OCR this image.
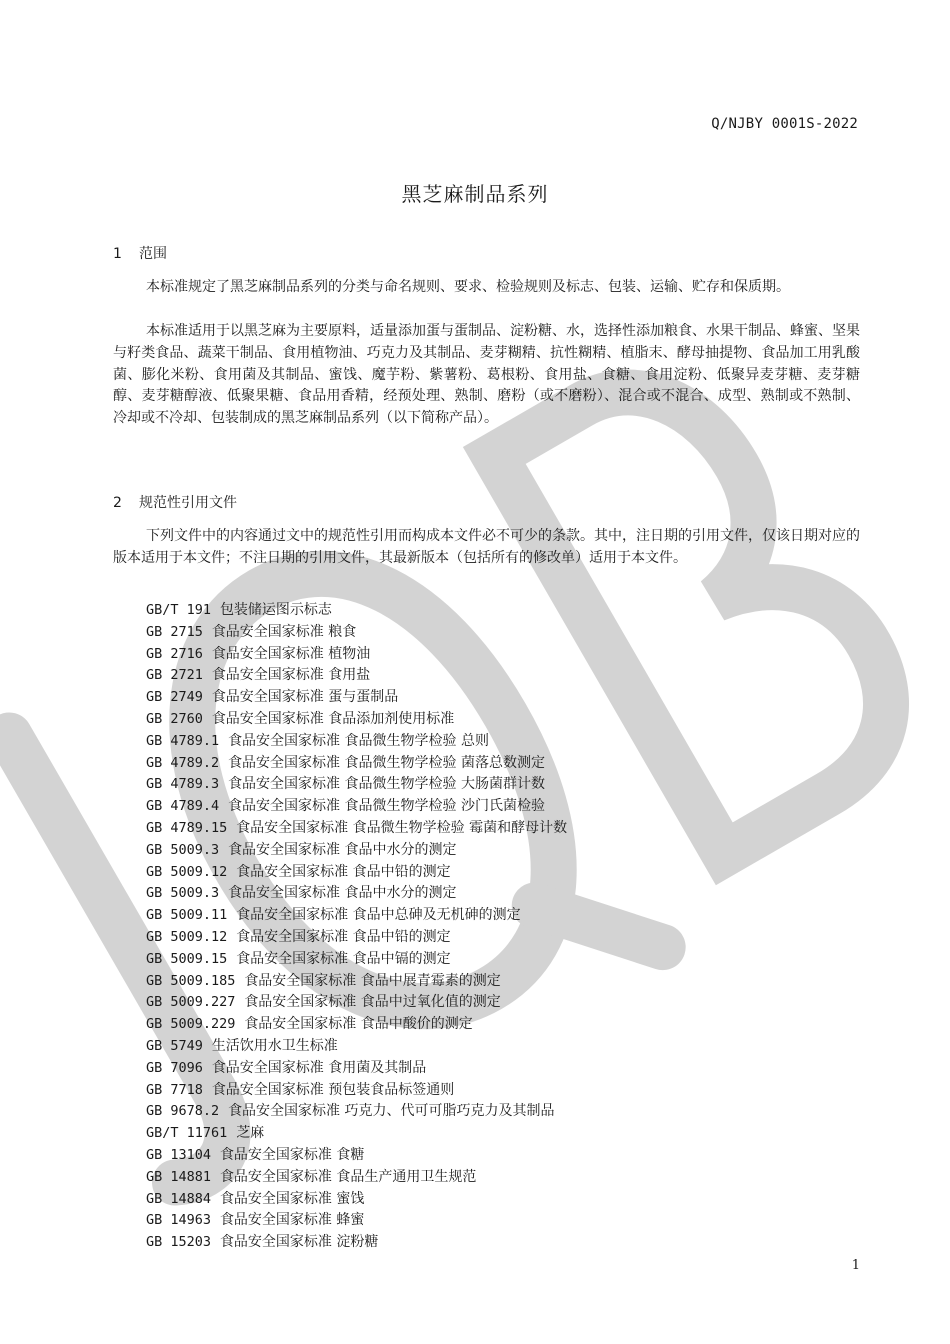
Q/NJBY 0001S-2022
黑芝麻制品系列
1 范围

本标准规定了黑芝麻制品系列的分类与命名规则、要求、检验规则及标志、包装、运输、贮存和保质期。

本标准适用于以黑芝麻为主要原料，适量添加蛋与蛋制品、淀粉糖、水，选择性添加粮食、水果干制品、蜂蜜、坚果与籽类食品、蔬菜干制品、食用植物油、巧克力及其制品、麦芽糊精、抗性糊精、植脂末、酵母抽提物、食品加工用乳酸菌、膨化米粉、食用菌及其制品、蜜饯、魔芋粉、紫薯粉、葛根粉、食用盐、食糖、食用淀粉、低聚异麦芽糖、麦芽糖醇、麦芽糖醇液、低聚果糖、食品用香精，经预处理、熟制、磨粉（或不磨粉）、混合或不混合、成型、熟制或不熟制、冷却或不冷却、包装制成的黑芝麻制品系列（以下简称产品）。

2 规范性引用文件

下列文件中的内容通过文中的规范性引用而构成本文件必不可少的条款。其中，注日期的引用文件，仅该日期对应的版本适用于本文件；不注日期的引用文件，其最新版本（包括所有的修改单）适用于本文件。

GB/T 191 包装储运图示标志
GB 2715 食品安全国家标准 粮食
GB 2716 食品安全国家标准 植物油
GB 2721 食品安全国家标准 食用盐
GB 2749 食品安全国家标准 蛋与蛋制品
GB 2760 食品安全国家标准 食品添加剂使用标准
GB 4789.1 食品安全国家标准 食品微生物学检验 总则
GB 4789.2 食品安全国家标准 食品微生物学检验 菌落总数测定
GB 4789.3 食品安全国家标准 食品微生物学检验 大肠菌群计数
GB 4789.4 食品安全国家标准 食品微生物学检验 沙门氏菌检验
GB 4789.15 食品安全国家标准 食品微生物学检验 霉菌和酵母计数
GB 5009.3 食品安全国家标准 食品中水分的测定
GB 5009.12 食品安全国家标准 食品中铅的测定
GB 5009.3 食品安全国家标准 食品中水分的测定
GB 5009.11 食品安全国家标准 食品中总砷及无机砷的测定
GB 5009.12 食品安全国家标准 食品中铅的测定
GB 5009.15 食品安全国家标准 食品中镉的测定
GB 5009.185 食品安全国家标准 食品中展青霉素的测定
GB 5009.227 食品安全国家标准 食品中过氧化值的测定
GB 5009.229 食品安全国家标准 食品中酸价的测定
GB 5749 生活饮用水卫生标准
GB 7096 食品安全国家标准 食用菌及其制品
GB 7718 食品安全国家标准 预包装食品标签通则
GB 9678.2 食品安全国家标准 巧克力、代可可脂巧克力及其制品
GB/T 11761 芝麻
GB 13104 食品安全国家标准 食糖
GB 14881 食品安全国家标准 食品生产通用卫生规范
GB 14884 食品安全国家标准 蜜饯
GB 14963 食品安全国家标准 蜂蜜
GB 15203 食品安全国家标准 淀粉糖
1
